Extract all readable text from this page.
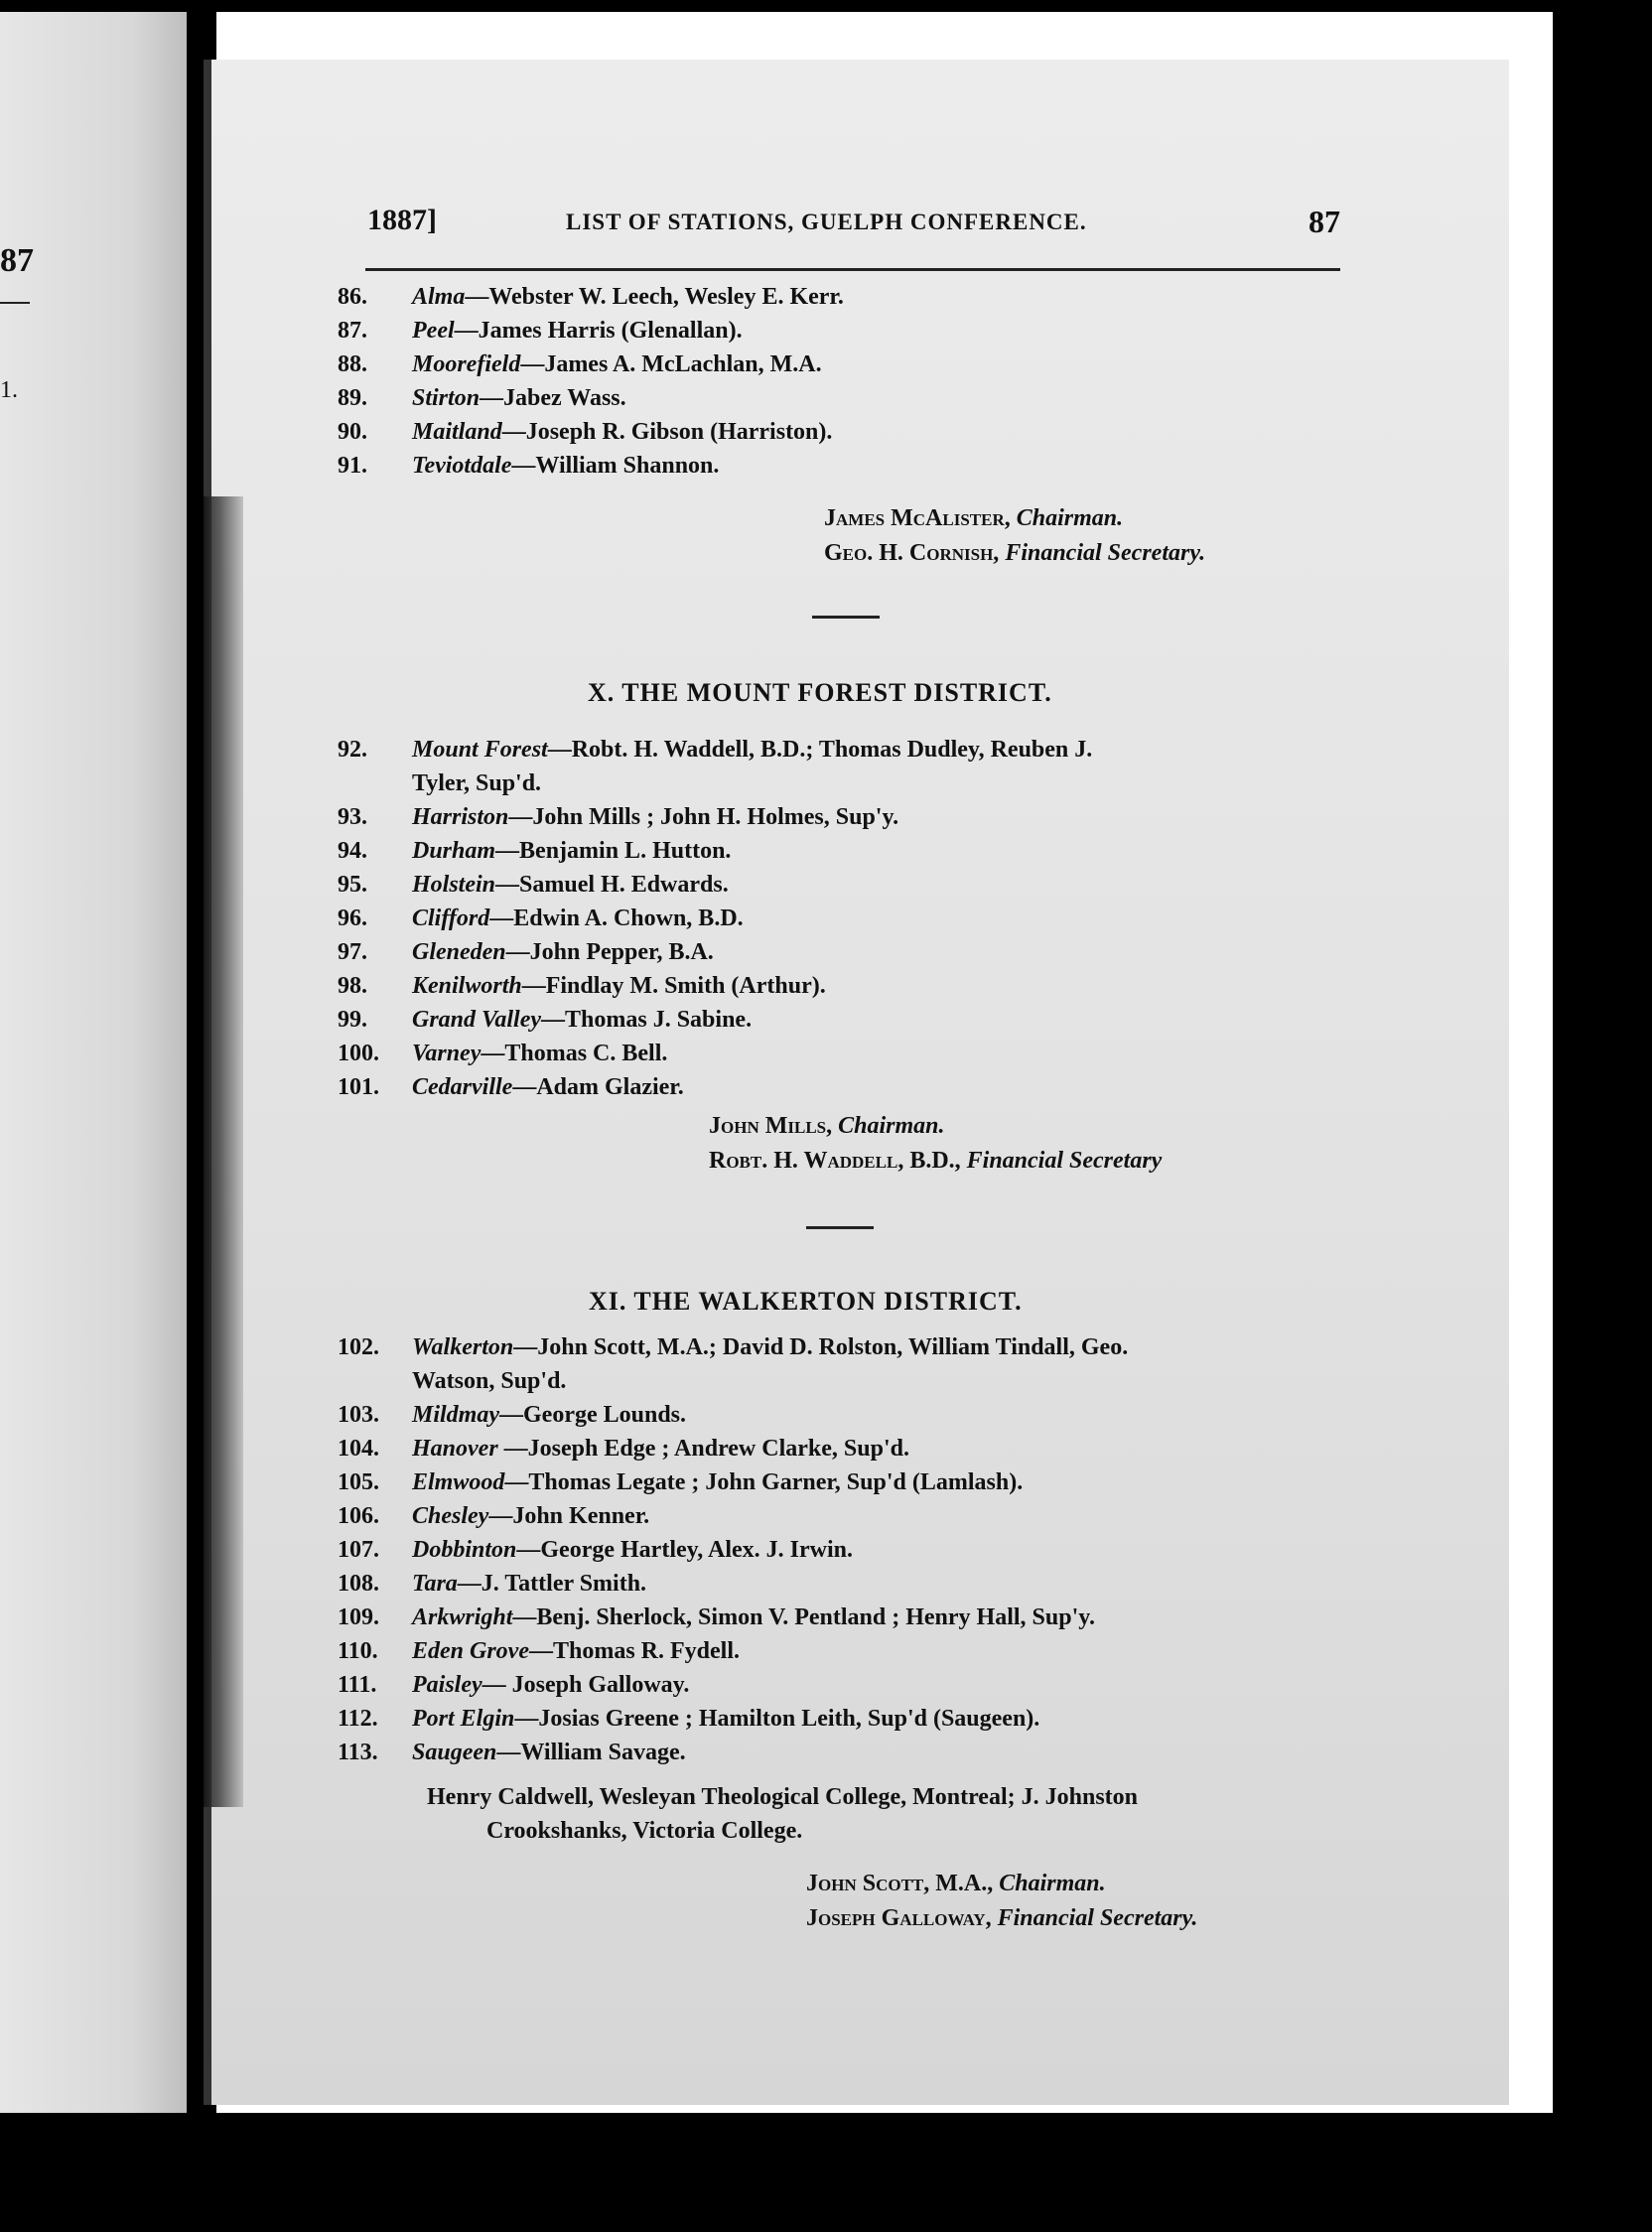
87
1.
1887]	LIST OF STATIONS, GUELPH CONFERENCE.	87
86. Alma—Webster W. Leech, Wesley E. Kerr.
87. Peel—James Harris (Glenallan).
88. Moorefield—James A. McLachlan, M.A.
89. Stirton—Jabez Wass.
90. Maitland—Joseph R. Gibson (Harriston).
91. Teviotdale—William Shannon.
James McAlister, Chairman.
Geo. H. Cornish, Financial Secretary.
X. THE MOUNT FOREST DISTRICT.
92. Mount Forest—Robt. H. Waddell, B.D.; Thomas Dudley, Reuben J.
Tyler, Sup'd.
93. Harriston—John Mills ; John H. Holmes, Sup'y.
94. Durham—Benjamin L. Hutton.
95. Holstein—Samuel H. Edwards.
96. Clifford—Edwin A. Chown, B.D.
97. Gleneden—John Pepper, B.A.
98. Kenilworth—Findlay M. Smith (Arthur).
99. Grand Valley—Thomas J. Sabine.
100. Varney—Thomas C. Bell.
101. Cedarville—Adam Glazier.
John Mills, Chairman.
Robt. H. Waddell, B.D., Financial Secretary
XI. THE WALKERTON DISTRICT.
102. Walkerton—John Scott, M.A.; David D. Rolston, William Tindall, Geo.
Watson, Sup'd.
103. Mildmay—George Lounds.
104. Hanover —Joseph Edge ; Andrew Clarke, Sup'd.
105. Elmwood—Thomas Legate ; John Garner, Sup'd (Lamlash).
106. Chesley—John Kenner.
107. Dobbinton—George Hartley, Alex. J. Irwin.
108. Tara—J. Tattler Smith.
109. Arkwright—Benj. Sherlock, Simon V. Pentland ; Henry Hall, Sup'y.
110. Eden Grove—Thomas R. Fydell.
111. Paisley— Joseph Galloway.
112. Port Elgin—Josias Greene ; Hamilton Leith, Sup'd (Saugeen).
113. Saugeen—William Savage.
Henry Caldwell, Wesleyan Theological College, Montreal; J. Johnston
Crookshanks, Victoria College.
John Scott, M.A., Chairman.
Joseph Galloway, Financial Secretary.
